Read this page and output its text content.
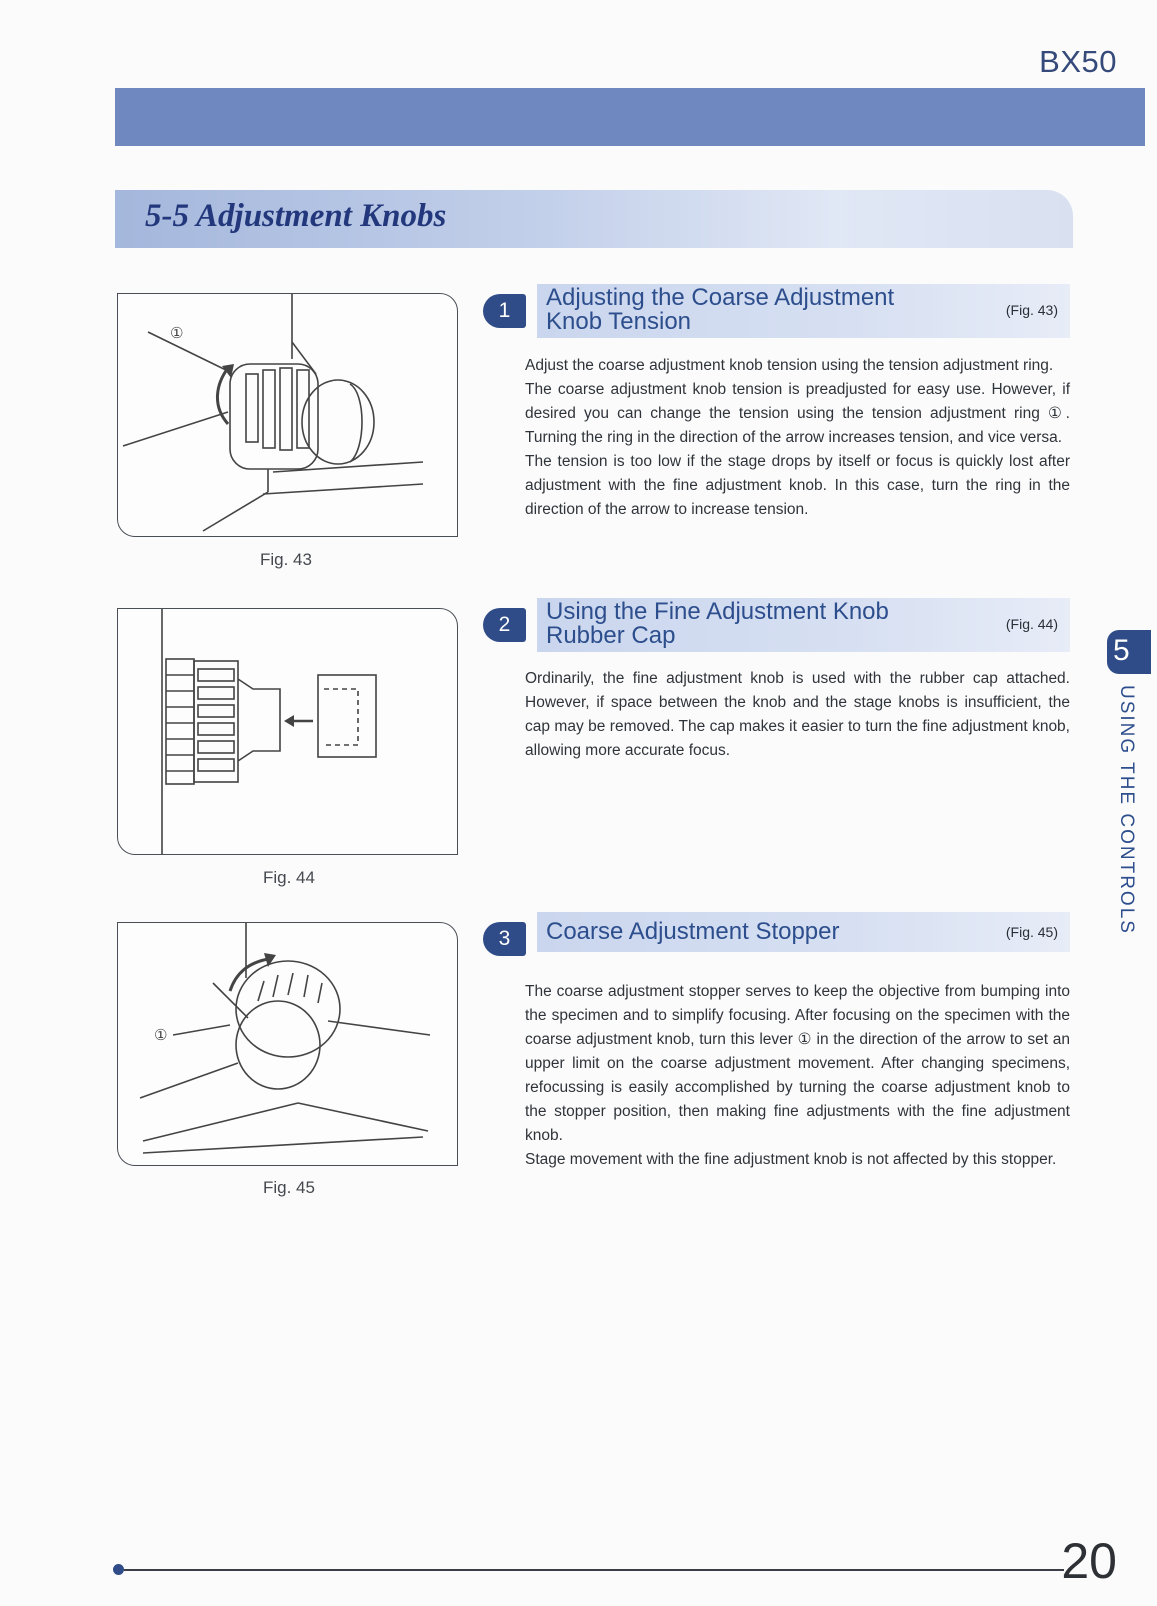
BX50
5-5 Adjustment Knobs
①
Fig. 43
Fig. 44
①
Fig. 45
1	Adjusting the Coarse Adjustment
Knob Tension	(Fig. 43)

Adjust the coarse adjustment knob tension using the tension adjustment ring.

The coarse adjustment knob tension is preadjusted for easy use. However, if desired you can change the tension using the tension adjustment ring ①. Turning the ring in the direction of the arrow increases tension, and vice versa.

The tension is too low if the stage drops by itself or focus is quickly lost after adjustment with the fine adjustment knob. In this case, turn the ring in the direction of the arrow to increase tension.

2	Using the Fine Adjustment Knob
Rubber Cap	(Fig. 44)

Ordinarily, the fine adjustment knob is used with the rubber cap attached. However, if space between the knob and the stage knobs is insufficient, the cap may be removed. The cap makes it easier to turn the fine adjustment knob, allowing more accurate focus.

3	Coarse Adjustment Stopper	(Fig. 45)

The coarse adjustment stopper serves to keep the objective from bumping into the specimen and to simplify focusing. After focusing on the specimen with the coarse adjustment knob, turn this lever ① in the direction of the arrow to set an upper limit on the coarse adjustment movement. After changing specimens, refocussing is easily accomplished by turning the coarse adjustment knob to the stopper position, then making fine adjustments with the fine adjustment knob.

Stage movement with the fine adjustment knob is not affected by this stopper.

5
USING THE CONTROLS
20
